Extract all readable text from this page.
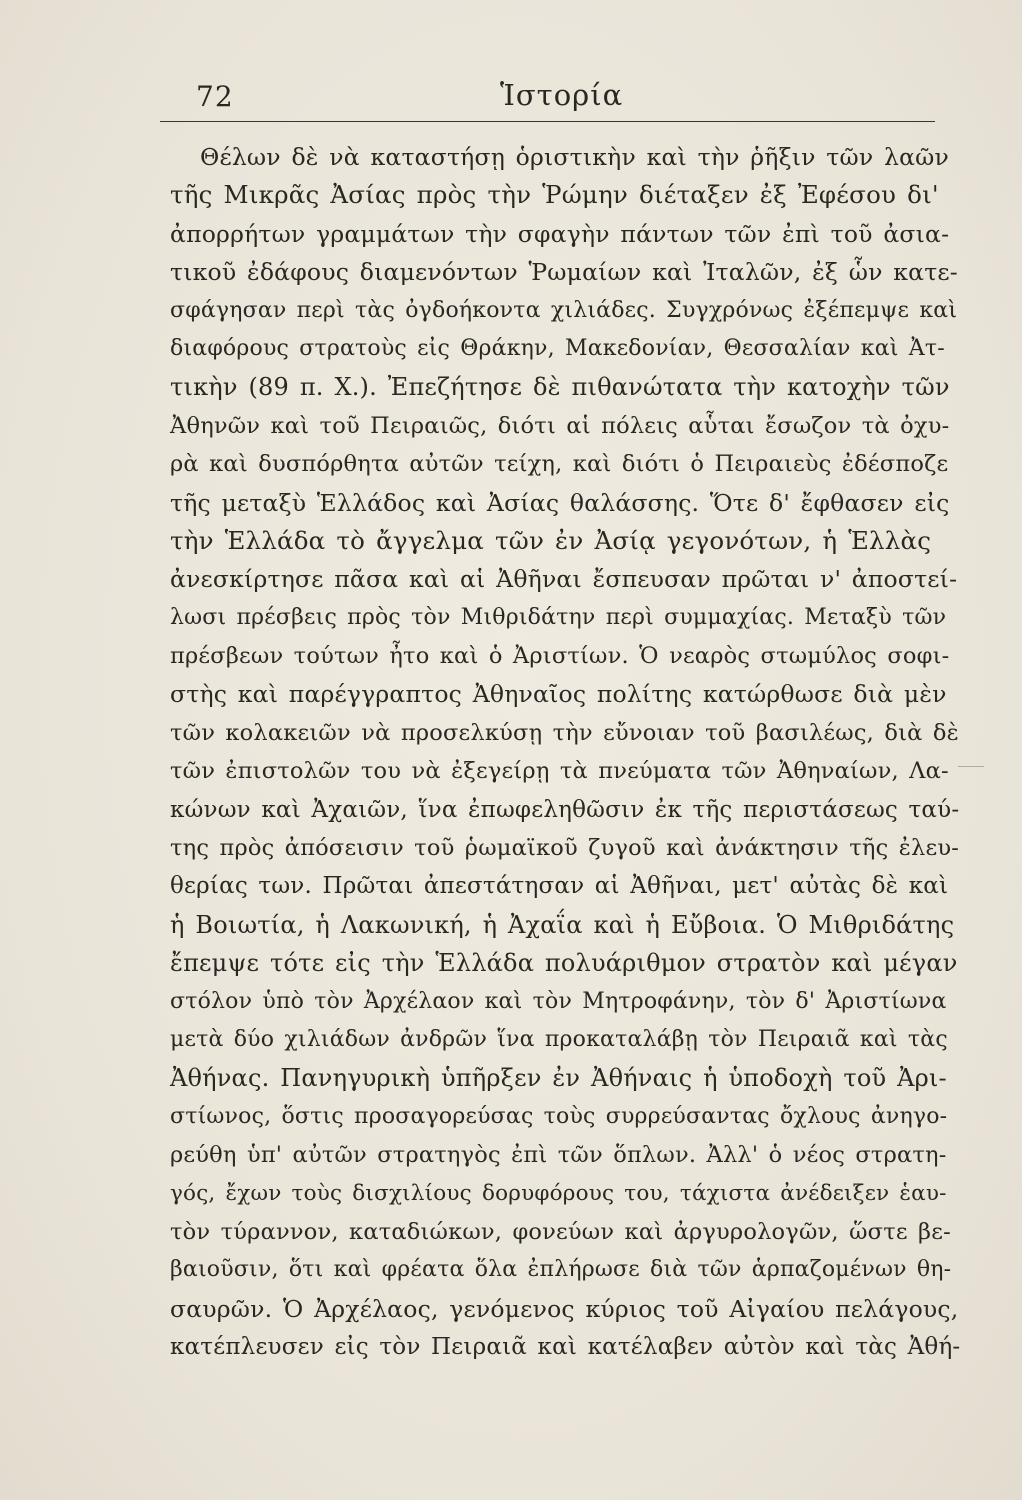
72	Ἱστορία
Θέλων δὲ νὰ καταστήσῃ ὁριστικὴν καὶ τὴν ῥῆξιν τῶν λαῶν
τῆς Μικρᾶς Ἀσίας πρὸς τὴν Ῥώμην διέταξεν ἐξ Ἐφέσου δι'
ἀπορρήτων γραμμάτων τὴν σφαγὴν πάντων τῶν ἐπὶ τοῦ ἀσια-
τικοῦ ἐδάφους διαμενόντων Ῥωμαίων καὶ Ἰταλῶν, ἐξ ὧν κατε-
σφάγησαν περὶ τὰς ὀγδοήκοντα χιλιάδες. Συγχρόνως ἐξέπεμψε καὶ
διαφόρους στρατοὺς εἰς Θράκην, Μακεδονίαν, Θεσσαλίαν καὶ Ἀτ-
τικὴν (89 π. Χ.). Ἐπεζήτησε δὲ πιθανώτατα τὴν κατοχὴν τῶν
Ἀθηνῶν καὶ τοῦ Πειραιῶς, διότι αἱ πόλεις αὗται ἔσωζον τὰ ὀχυ-
ρὰ καὶ δυσπόρθητα αὐτῶν τείχη, καὶ διότι ὁ Πειραιεὺς ἐδέσποζε
τῆς μεταξὺ Ἑλλάδος καὶ Ἀσίας θαλάσσης. Ὅτε δ' ἔφθασεν εἰς
τὴν Ἑλλάδα τὸ ἄγγελμα τῶν ἐν Ἀσίᾳ γεγονότων, ἡ Ἑλλὰς
ἀνεσκίρτησε πᾶσα καὶ αἱ Ἀθῆναι ἔσπευσαν πρῶται ν' ἀποστεί-
λωσι πρέσβεις πρὸς τὸν Μιθριδάτην περὶ συμμαχίας. Μεταξὺ τῶν
πρέσβεων τούτων ἦτο καὶ ὁ Ἀριστίων. Ὁ νεαρὸς στωμύλος σοφι-
στὴς καὶ παρέγγραπτος Ἀθηναῖος πολίτης κατώρθωσε διὰ μὲν
τῶν κολακειῶν νὰ προσελκύσῃ τὴν εὔνοιαν τοῦ βασιλέως, διὰ δὲ
τῶν ἐπιστολῶν του νὰ ἐξεγείρῃ τὰ πνεύματα τῶν Ἀθηναίων, Λα-
κώνων καὶ Ἀχαιῶν, ἵνα ἐπωφεληθῶσιν ἐκ τῆς περιστάσεως ταύ-
της πρὸς ἀπόσεισιν τοῦ ῥωμαϊκοῦ ζυγοῦ καὶ ἀνάκτησιν τῆς ἐλευ-
θερίας των. Πρῶται ἀπεστάτησαν αἱ Ἀθῆναι, μετ' αὐτὰς δὲ καὶ
ἡ Βοιωτία, ἡ Λακωνική, ἡ Ἀχαΐα καὶ ἡ Εὔβοια. Ὁ Μιθριδάτης
ἔπεμψε τότε εἰς τὴν Ἑλλάδα πολυάριθμον στρατὸν καὶ μέγαν
στόλον ὑπὸ τὸν Ἀρχέλαον καὶ τὸν Μητροφάνην, τὸν δ' Ἀριστίωνα
μετὰ δύο χιλιάδων ἀνδρῶν ἵνα προκαταλάβῃ τὸν Πειραιᾶ καὶ τὰς
Ἀθήνας. Πανηγυρικὴ ὑπῆρξεν ἐν Ἀθήναις ἡ ὑποδοχὴ τοῦ Ἀρι-
στίωνος, ὅστις προσαγορεύσας τοὺς συρρεύσαντας ὄχλους ἀνηγο-
ρεύθη ὑπ' αὐτῶν στρατηγὸς ἐπὶ τῶν ὅπλων. Ἀλλ' ὁ νέος στρατη-
γός, ἔχων τοὺς δισχιλίους δορυφόρους του, τάχιστα ἀνέδειξεν ἑαυ-
τὸν τύραννον, καταδιώκων, φονεύων καὶ ἀργυρολογῶν, ὥστε βε-
βαιοῦσιν, ὅτι καὶ φρέατα ὅλα ἐπλήρωσε διὰ τῶν ἁρπαζομένων θη-
σαυρῶν. Ὁ Ἀρχέλαος, γενόμενος κύριος τοῦ Αἰγαίου πελάγους,
κατέπλευσεν εἰς τὸν Πειραιᾶ καὶ κατέλαβεν αὐτὸν καὶ τὰς Ἀθή-
